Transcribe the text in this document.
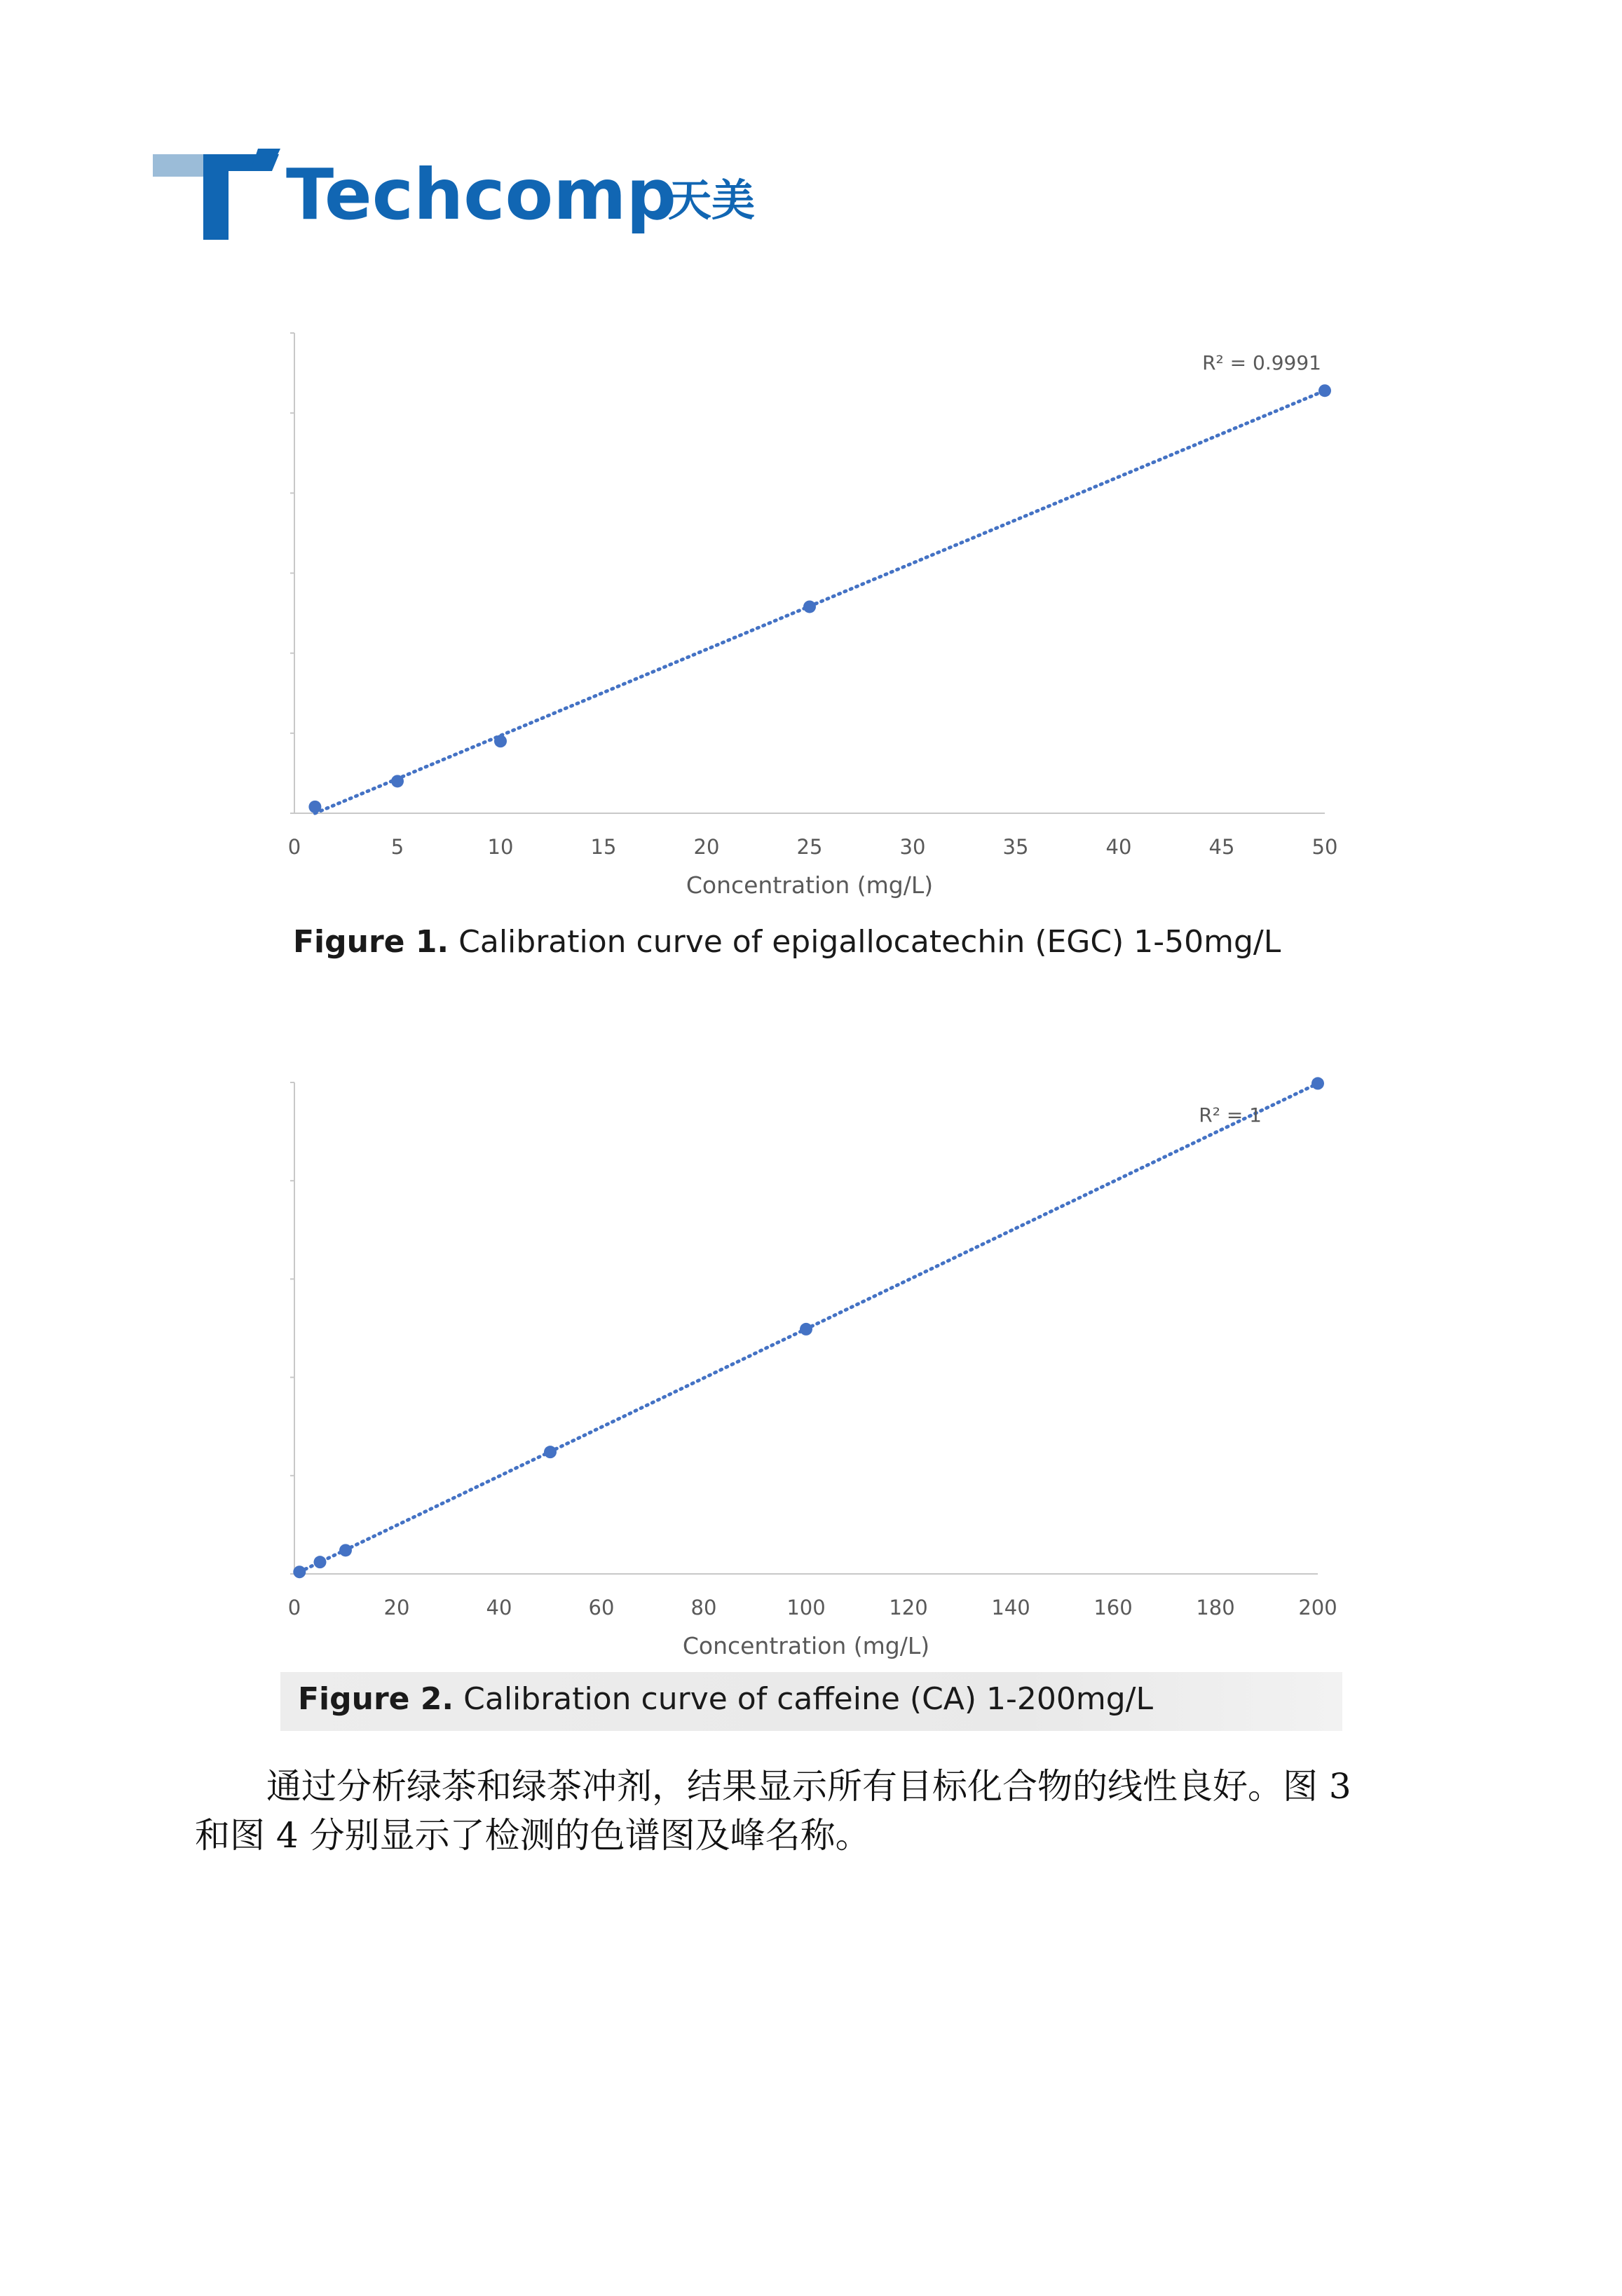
Techcomp
天美
0	5	10	15	20	25	30	35	40	45	50
Concentration (mg/L)
R² = 0.9991
Figure 1. Calibration curve of epigallocatechin (EGC) 1-50mg/L
0	20	40	60	80	100	120	140	160	180	200
Concentration (mg/L)
R² = 1
Figure 2. Calibration curve of caffeine (CA) 1-200mg/L
通过分析绿茶和绿茶冲剂，结果显示所有目标化合物的线性良好。图 3
和图 4 分别显示了检测的色谱图及峰名称。
